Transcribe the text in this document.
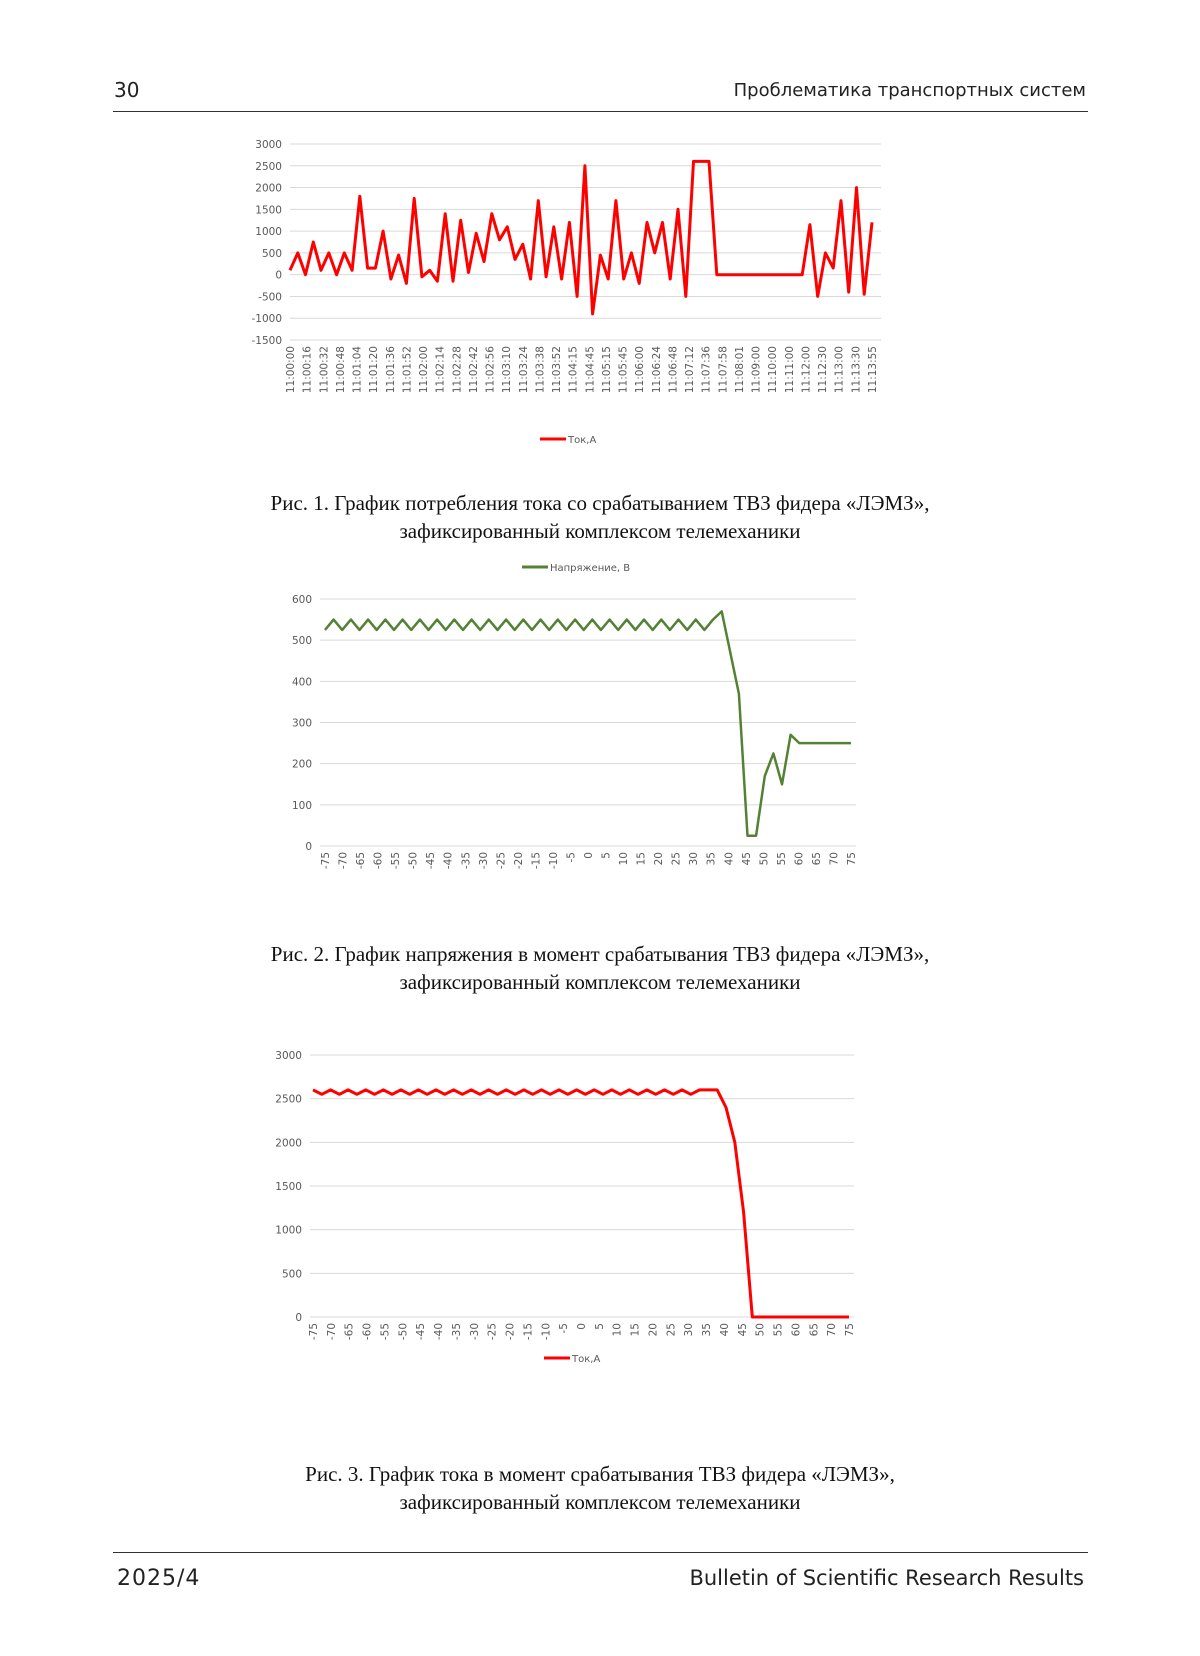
30	Проблематика транспортных систем
-1500
-1000
-500
0
500
1000
1500
2000
2500
3000
11:00:00 11:00:16 11:00:32 11:00:48 11:01:04 11:01:20 11:01:36 11:01:52 11:02:00 11:02:14 11:02:28 11:02:42 11:02:56 11:03:10 11:03:24 11:03:38 11:03:52 11:04:15 11:04:45 11:05:15 11:05:45 11:06:00 11:06:24 11:06:48 11:07:12 11:07:36 11:07:58 11:08:01 11:09:00 11:10:00 11:11:00 11:12:00 11:12:30 11:13:00 11:13:30 11:13:55
Ток,А
Рис. 1. График потребления тока со срабатыванием ТВЗ фидера «ЛЭМЗ»,
зафиксированный комплексом телемеханики
0
100
200
300
400
500
600
-75 -70 -65 -60 -55 -50 -45 -40 -35 -30 -25 -20 -15 -10 -5 0 5 10 15 20 25 30 35 40 45 50 55 60 65 70 75
Напряжение, В
Рис. 2. График напряжения в момент срабатывания ТВЗ фидера «ЛЭМЗ»,
зафиксированный комплексом телемеханики
0
500
1000
1500
2000
2500
3000
-75 -70 -65 -60 -55 -50 -45 -40 -35 -30 -25 -20 -15 -10 -5 0 5 10 15 20 25 30 35 40 45 50 55 60 65 70 75
Ток,А
Рис. 3. График тока в момент срабатывания ТВЗ фидера «ЛЭМЗ»,
зафиксированный комплексом телемеханики
2025/4	Bulletin of Scientific Research Results
